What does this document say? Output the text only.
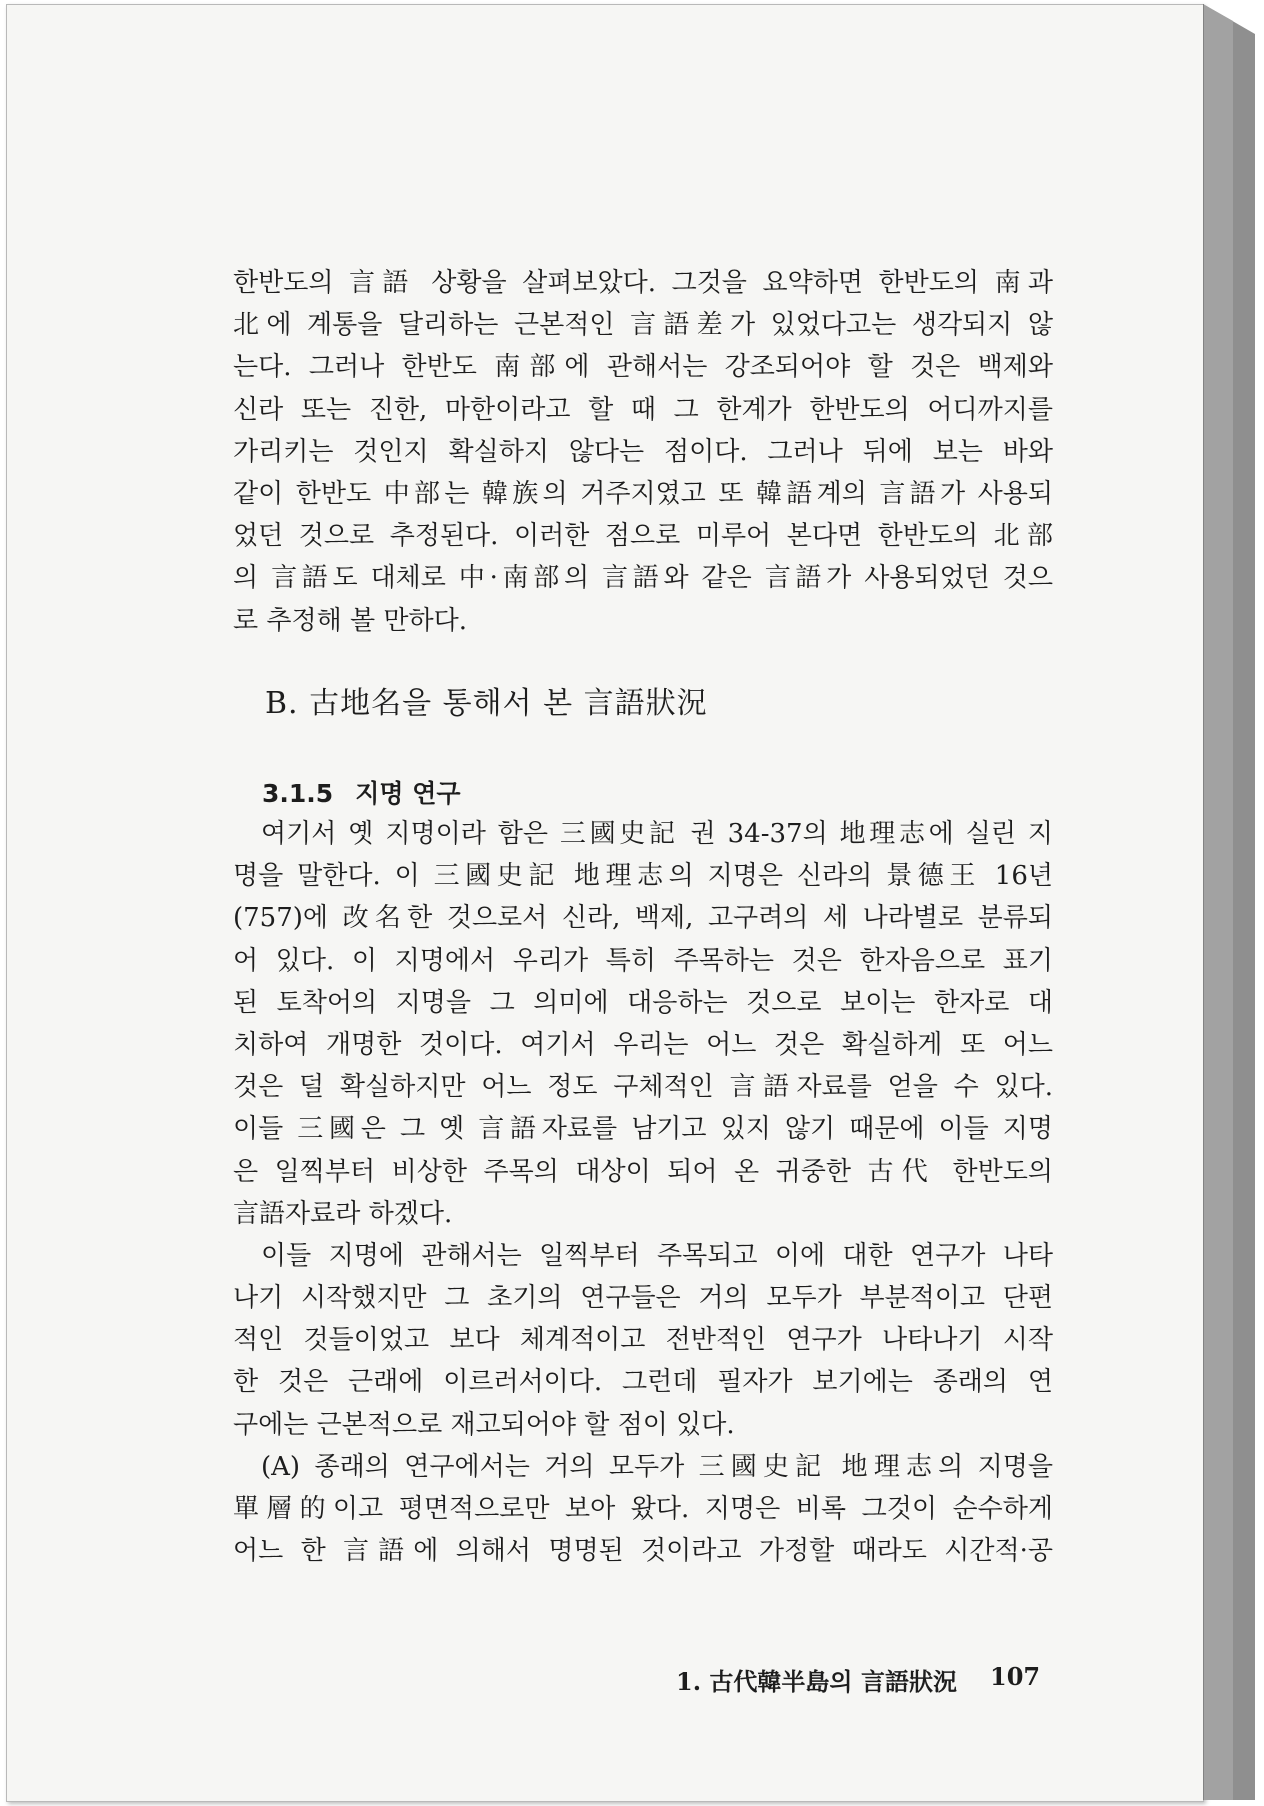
한반도의 言語 상황을 살펴보았다. 그것을 요약하면 한반도의 南과
北에 계통을 달리하는 근본적인 言語差가 있었다고는 생각되지 않
는다. 그러나 한반도 南部에 관해서는 강조되어야 할 것은 백제와
신라 또는 진한, 마한이라고 할 때 그 한계가 한반도의 어디까지를
가리키는 것인지 확실하지 않다는 점이다. 그러나 뒤에 보는 바와
같이 한반도 中部는 韓族의 거주지였고 또 韓語계의 言語가 사용되
었던 것으로 추정된다. 이러한 점으로 미루어 본다면 한반도의 北部
의 言語도 대체로 中·南部의 言語와 같은 言語가 사용되었던 것으
로 추정해 볼 만하다.
B. 古地名을 통해서 본 言語狀況
3.1.5 지명 연구
여기서 옛 지명이라 함은 三國史記 권 34-37의 地理志에 실린 지
명을 말한다. 이 三國史記 地理志의 지명은 신라의 景德王 16년
(757)에 改名한 것으로서 신라, 백제, 고구려의 세 나라별로 분류되
어 있다. 이 지명에서 우리가 특히 주목하는 것은 한자음으로 표기
된 토착어의 지명을 그 의미에 대응하는 것으로 보이는 한자로 대
치하여 개명한 것이다. 여기서 우리는 어느 것은 확실하게 또 어느
것은 덜 확실하지만 어느 정도 구체적인 言語자료를 얻을 수 있다.
이들 三國은 그 옛 言語자료를 남기고 있지 않기 때문에 이들 지명
은 일찍부터 비상한 주목의 대상이 되어 온 귀중한 古代 한반도의
言語자료라 하겠다.
이들 지명에 관해서는 일찍부터 주목되고 이에 대한 연구가 나타
나기 시작했지만 그 초기의 연구들은 거의 모두가 부분적이고 단편
적인 것들이었고 보다 체계적이고 전반적인 연구가 나타나기 시작
한 것은 근래에 이르러서이다. 그런데 필자가 보기에는 종래의 연
구에는 근본적으로 재고되어야 할 점이 있다.
(A) 종래의 연구에서는 거의 모두가 三國史記 地理志의 지명을
單層的이고 평면적으로만 보아 왔다. 지명은 비록 그것이 순수하게
어느 한 言語에 의해서 명명된 것이라고 가정할 때라도 시간적·공
1. 古代韓半島의 言語狀況 107
